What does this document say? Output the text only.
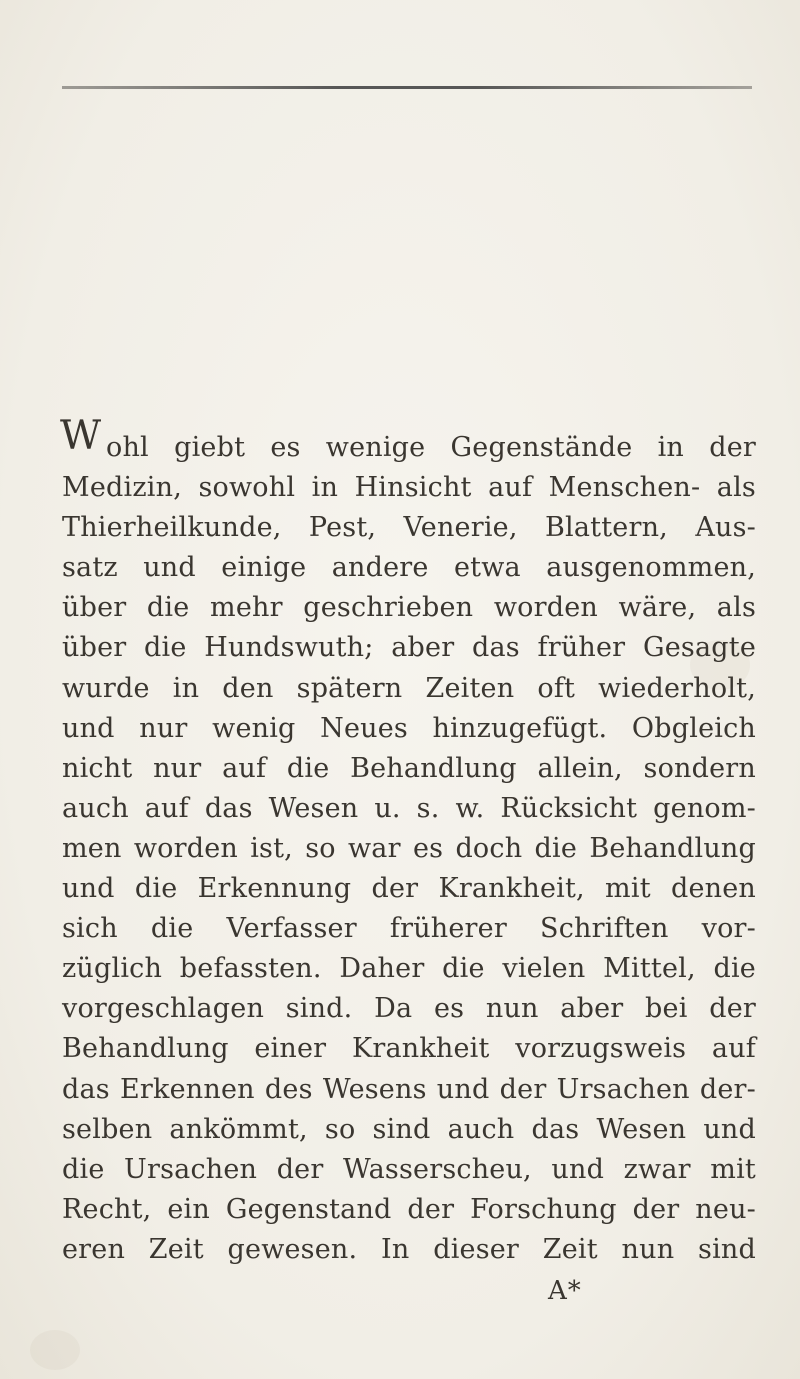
W ohl giebt es wenige Gegenstände in der
Medizin, sowohl in Hinsicht auf Menschen- als
Thierheilkunde, Pest, Venerie, Blattern, Aus-
satz und einige andere etwa ausgenommen,
über die mehr geschrieben worden wäre, als
über die Hundswuth; aber das früher Gesagte
wurde in den spätern Zeiten oft wiederholt,
und nur wenig Neues hinzugefügt. Obgleich
nicht nur auf die Behandlung allein, sondern
auch auf das Wesen u. s. w. Rücksicht genom-
men worden ist, so war es doch die Behandlung
und die Erkennung der Krankheit, mit denen
sich die Verfasser früherer Schriften vor-
züglich befassten. Daher die vielen Mittel, die
vorgeschlagen sind. Da es nun aber bei der
Behandlung einer Krankheit vorzugsweis auf
das Erkennen des Wesens und der Ursachen der-
selben ankömmt, so sind auch das Wesen und
die Ursachen der Wasserscheu, und zwar mit
Recht, ein Gegenstand der Forschung der neu-
eren Zeit gewesen. In dieser Zeit nun sind
A*
